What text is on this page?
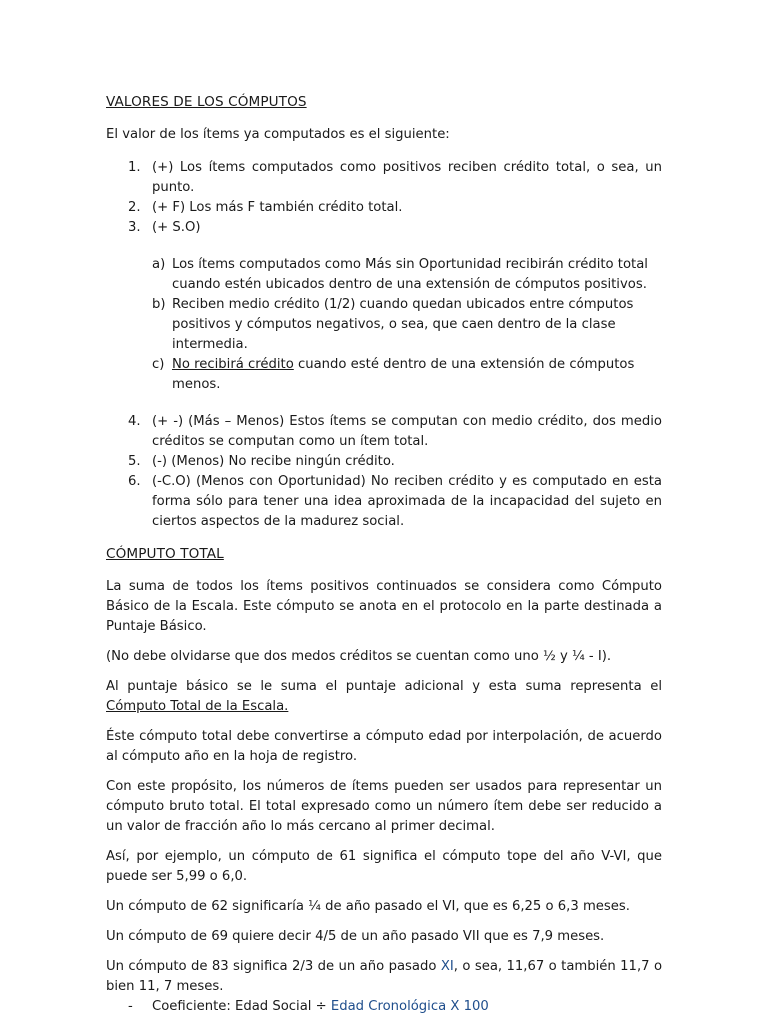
VALORES DE LOS CÓMPUTOS

El valor de los ítems ya computados es el siguiente:

1. (+) Los ítems computados como positivos reciben crédito total, o sea, un punto.
2. (+ F) Los más F también crédito total.
3. (+ S.O)
a) Los ítems computados como Más sin Oportunidad recibirán crédito total cuando estén ubicados dentro de una extensión de cómputos positivos.
b) Reciben medio crédito (1/2) cuando quedan ubicados entre cómputos positivos y cómputos negativos, o sea, que caen dentro de la clase intermedia.
c) No recibirá crédito cuando esté dentro de una extensión de cómputos menos.
4. (+ -) (Más – Menos) Estos ítems se computan con medio crédito, dos medio créditos se computan como un ítem total.
5. (-) (Menos) No recibe ningún crédito.
6. (-C.O) (Menos con Oportunidad) No reciben crédito y es computado en esta forma sólo para tener una idea aproximada de la incapacidad del sujeto en ciertos aspectos de la madurez social.
CÓMPUTO TOTAL

La suma de todos los ítems positivos continuados se considera como Cómputo Básico de la Escala. Este cómputo se anota en el protocolo en la parte destinada a Puntaje Básico.

(No debe olvidarse que dos medos créditos se cuentan como uno ½ y ¼ - I).

Al puntaje básico se le suma el puntaje adicional y esta suma representa el Cómputo Total de la Escala.

Éste cómputo total debe convertirse a cómputo edad por interpolación, de acuerdo al cómputo año en la hoja de registro.

Con este propósito, los números de ítems pueden ser usados para representar un cómputo bruto total. El total expresado como un número ítem debe ser reducido a un valor de fracción año lo más cercano al primer decimal.

Así, por ejemplo, un cómputo de 61 significa el cómputo tope del año V-VI, que puede ser 5,99 o 6,0.

Un cómputo de 62 significaría ¼ de año pasado el VI, que es 6,25 o 6,3 meses.

Un cómputo de 69 quiere decir 4/5 de un año pasado VII que es 7,9 meses.

Un cómputo de 83 significa 2/3 de un año pasado XI, o sea, 11,67 o también 11,7 o bien 11, 7 meses.

-	Coeficiente: Edad Social ÷ Edad Cronológica X 100
